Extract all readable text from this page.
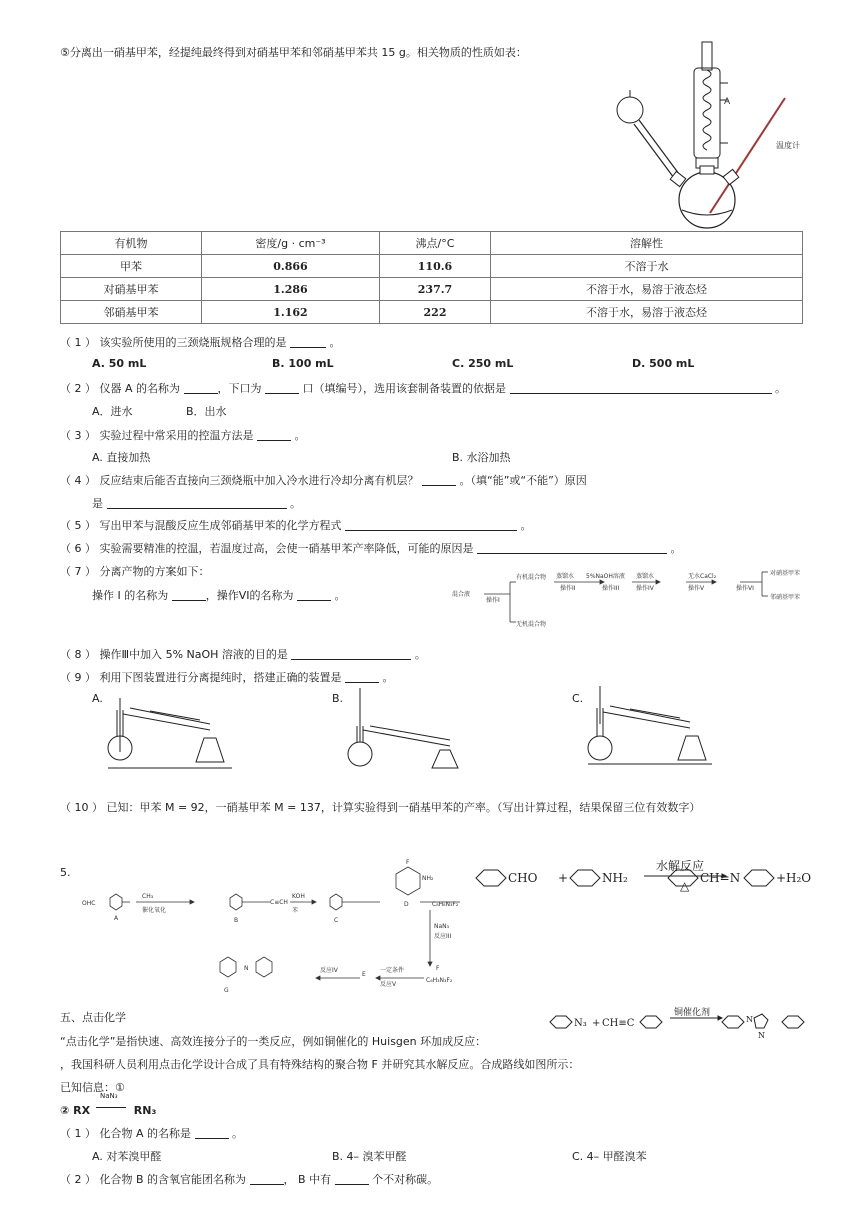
⑤分离出一硝基甲苯，经提纯最终得到对硝基甲苯和邻硝基甲苯共 15 g。相关物质的性质如表：
A
温度计
有机物	密度/g · cm⁻³	沸点/°C	溶解性
甲苯	0.866	110.6	不溶于水
对硝基甲苯	1.286	237.7	不溶于水，易溶于液态烃
邻硝基甲苯	1.162	222	不溶于水，易溶于液态烃
（ 1 ） 该实验所使用的三颈烧瓶规格合理的是	。
A. 50 mL	B. 100 mL	C. 250 mL	D. 500 mL
（ 2 ） 仪器 A 的名称为	，下口为	口（填编号），选用该套制备装置的依据是	。
A．进水	B．出水
（ 3 ） 实验过程中常采用的控温方法是	。
A. 直接加热	B. 水浴加热
（ 4 ） 反应结束后能否直接向三颈烧瓶中加入冷水进行冷却分离有机层？	。（填“能”或“不能”）原因
是	。
（ 5 ） 写出甲苯与混酸反应生成邻硝基甲苯的化学方程式	。
（ 6 ） 实验需要精准的控温，若温度过高，会使一硝基甲苯产率降低，可能的原因是	。
（ 7 ） 分离产物的方案如下：
操作 I 的名称为	，操作VI的名称为	。	混合液
操作I
有机混合物 蒸馏水
操作II
5%NaOH溶液
操作III
蒸馏水
操作IV
无水CaCl₂
操作V	操作VI
对硝基甲苯
邻硝基甲苯
无机混合物
（ 8 ） 操作Ⅲ中加入 5% NaOH 溶液的目的是	。
（ 9 ） 利用下图装置进行分离提纯时，搭建正确的装置是	。
A.	B.	C.
（ 10 ） 已知：甲苯 M = 92，一硝基甲苯 M = 137，计算实验得到一硝基甲苯的产率。（写出计算过程，结果保留三位有效数字）
5.
OHC
A
CH₃
催化氧化
B
C≡CH
KOH
苯
C
NH₂
F
D	C₈H₈N₃F₂
NaN₃
反应III
C₆H₃N₃F₂
F
一定条件
反应V
E
反应IV
N
G
CHO +	NH₂
水解反应
△
CH=N	+ H₂O
五、点击化学
“点击化学”是指快速、高效连接分子的一类反应，例如铜催化的 Huisgen 环加成反应：
，我国科研人员利用点击化学设计合成了具有特殊结构的聚合物 F 并研究其水解反应。合成路线如图所示：
已知信息：①
② RX
NaN₃
RN₃
N₃ + CH≡C
铜催化剂
N
N
（ 1 ） 化合物 A 的名称是	。
A. 对苯溴甲醛	B. 4– 溴苯甲醛	C. 4– 甲醛溴苯
（ 2 ） 化合物 B 的含氧官能团名称为	， B 中有	个不对称碳。
